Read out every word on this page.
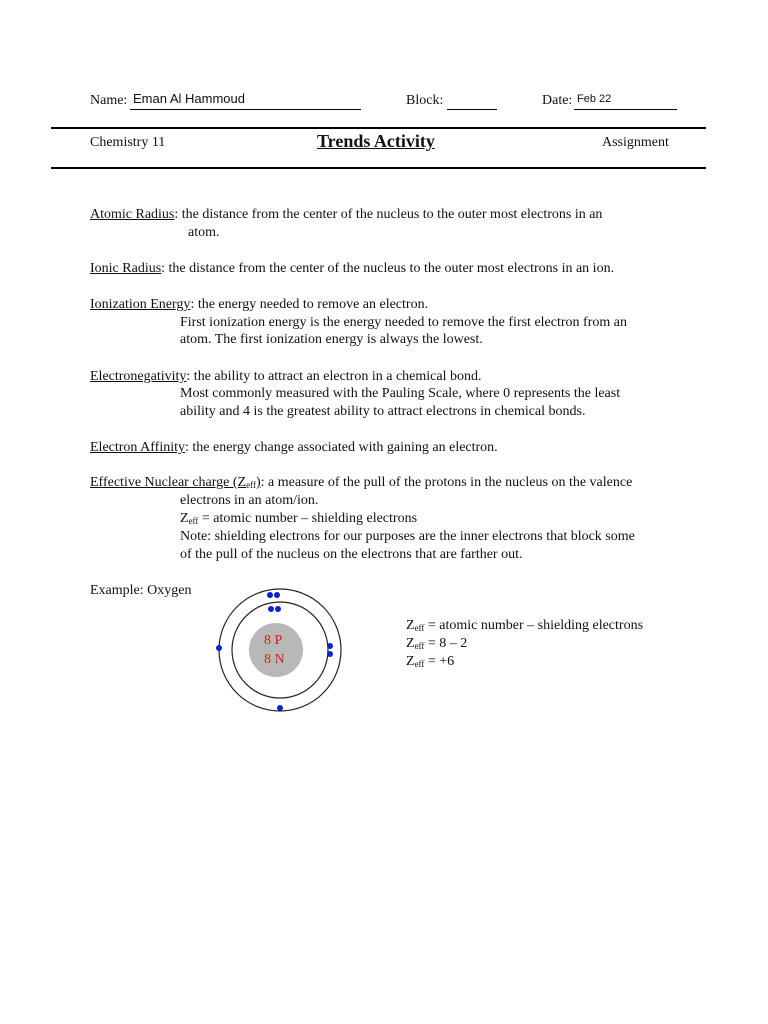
Name: Eman Al Hammoud	Block:	Date: Feb 22
Chemistry 11	Trends Activity	Assignment
Atomic Radius: the distance from the center of the nucleus to the outer most electrons in an
atom.
Ionic Radius: the distance from the center of the nucleus to the outer most electrons in an ion.
Ionization Energy: the energy needed to remove an electron.
First ionization energy is the energy needed to remove the first electron from an
atom. The first ionization energy is always the lowest.
Electronegativity: the ability to attract an electron in a chemical bond.
Most commonly measured with the Pauling Scale, where 0 represents the least
ability and 4 is the greatest ability to attract electrons in chemical bonds.
Electron Affinity: the energy change associated with gaining an electron.
Effective Nuclear charge $(Z_{eff})$: a measure of the pull of the protons in the nucleus on the valence
electrons in an atom/ion.
$Z_{eff}$ = atomic number – shielding electrons
Note: shielding electrons for our purposes are the inner electrons that block some
of the pull of the nucleus on the electrons that are farther out.
Example: Oxygen
8 P
8 N
$Z_{eff}$ = atomic number – shielding electrons
$Z_{eff} = 8 - 2$
$Z_{eff} = +6$
